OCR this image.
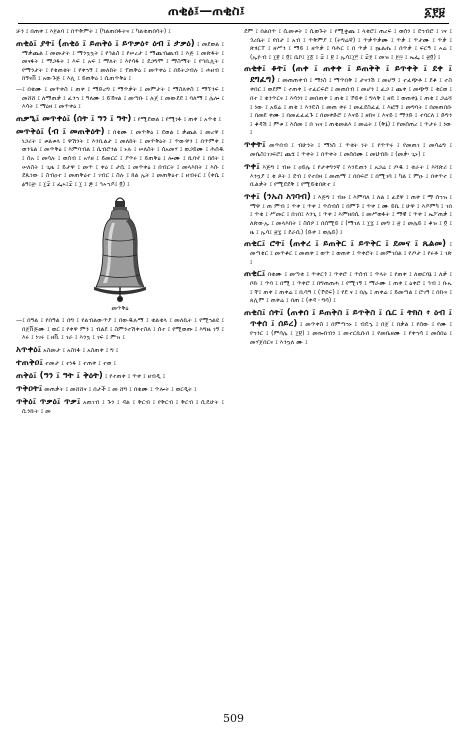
ጠቂፅ፤—ጠቂስ፤	፩፻፱
ቻን ፤ በጠቀ ፤ እ፻ልባ ፤ በጥቅምት ፤ (ካልጠበፋትና ፤ ካልቂጠበሳት) ፤
ጠቂዕ፤ ያት፤ (ጠቂዕ ፤ ይጠቅዕ ፤ ይጥቃዕ፥ ዕብ ፤ ታቃዕ) ፤ መደወል ፤ ማቃጨል ፤ መመታት ፤ ማንኳኳት ፤ የኅልስ ፤ የሠረታ ፤ ማጨብጨብ ፤ እጅ ፤ መጽፋት ፤ መናፋት ፤ ማጋፋት ፤ እፍ ፤ አፍ ፤ ማለት ፤ እየሳፋ ፤ ደጋግሞ ፤ ማስማት ፤ የኅቢሊት ፤ የማንታት ፤ የቂጠቂት ፤ የቀኀኝ ፤ መለከት ፤ ፕጠቅዕ ፤ መጥቀዕ ፤ በይትጋብሉ ፤ ሐዘብ ፤ ክኝናቨ ፤ አውጉጅ ፤ እሊ ፤ ይጠቅዕ ፤ ሲጠጥቅዕ ፤
—፤ በቁሙ ፤ መጥቀስ ፤ ጠቀ ፤ ማድረግ ፤ ማጥቃት ፤ መምታት ፤ ማስለቀስ ፤ ማኘንፍ ፤ መሸሸ ፤ ለማጠቃ ፤ ፈንኀ ፤ ዓለሙ ፤ ይኸናል ፤ መጣቡ ፤ ሉጀ ፤ መውደደ ፤ ባለማ ፤ ሌሎ ፤ እሳት ፤ ማዕዛ ፤ መጥቀዕ ፤
ጠቃዒ፤ መጥቀዕ፤ (ሰት ፤ ዓን ፤ ዓት) ፤ የሚደወል ፤ የሚነፋ ፤ ጠቀ ፤ አጥቂ ፤
መጥቅዕ፤ (ብ ፤ መጠቅዕት) ፤ በቁሙ ፤ መጥቅዕ ፤ ደወል ፤ ቃጨል ፤ መረዋ ፤ ነጋሪት ፤ ቱልቱላ ፤ ዋሽንት ፤ እንቢልታ ፤ መለከት ፤ መጥቅዕት ፤ ጥውዋን ፤ በጥምቀ ፤ ወንጌል ፤ መጥቅዕ ፤ እምባብል ፤ ሴብሮንል ፤ ኑሉ ፤ ሠለስት ፤ ሰአመሃ ፤ ወጋይሙ ፤ ሕሰዱ ፤ ሰአ ፤ መሳሉ ፤ ወሰብ ፤ አሃዘ ፤ ይመርር ፤ ያጥሩ ፤ ይጠቅዕ ፤ ሎሙ ፤ ኪባኖ ፤ በሰት ፤ ሠለስት ፤ ጊዜ ፤ ይታዋ ፤ መጥ ፤ ቀዕ ፤ ታሲ ፤ መጥቀዕ ፤ በብርት ፤ መላእክት ፤ እሱ ፤ ደጺነው ፤ ስብዐተ ፤ መጠቅዕተ ፤ ገብር ፤ ስሉ ፤ ክል ኢት ፤ መጠቅዕተ ፤ ዘብሩር ፤ (ቀሴ ፤ ፅዓ፤፳፡ ፤ ፲፰ ፤ ፌኣ፤፰ ፤ ፲ ፤ ፷ ፤ ኅኣኀዶ፤ ፬) ፤
መጥቅዕ
—፤ በዓል ፤ የበዓል ፤ በግ ፤ የልብልውጥያ ፤ በውዱሉማ ፤ ቁልቁላ ፤ መለኪት ፤ የሚኀልዩ ፤ በጀቨጅሙ ፤ ወር ፤ የቀዋ ምን ፤ ብልደ ፤ ስምንተሽቀተስለ ፤ ሰተ ፤ የሚወጡ ፤ እግዜ ገኝ ፤ እሩ ፤ ነገሩ ፤ ዘቪ ፤ ገራ ፤ እንኳ ፤ ገፍ ፤ ምዝ ፤
አጥቀዕ፤ አስመታ ፤ አስነፋ ፤ አስጠቀ ፤ ግ ፤
ተጠቅዐ፤ ተመታ ፤ ተነፋ ፤ ተጠቀ ፤ ተወ ፤
ጠቅዕ፤ (ዓን ፤ ዓት ፤ ቅዕት) ፤ የተጠቀ ፤ ጥቀ ፤ ዘብዲ ፤
ጥቅዐት፤ መጠቃት ፤ መሸሸና ፤ በታች ፤ መ ሸግ ፤ በቁሙ ፤ ጥሎት ፤ ወርዲት ፤
ጥቅዕ፤ ጥቃዕ፤ ጥቃ፤ አጠገብ ፤ ጉን ፤ ዳል ፤ ቅርብ ፤ የቅርብ ፤ ቅርብ ፤ ሲዴሁት ፤ ሲንኩት ፤ መ
ደም ፤ በልበጥ ፤ ሲመቱት ፤ ሲወጉት ፤ የሚቋጨ ፤ ላቂሮ፤ ጠረፍ ፤ ወሰን ፤ ደኀብሮ ፤ ገና ፤ ጎረቤት ፤ የበታ ፤ አብ ፤ ጥቅምያ ፤ (ትግሬኛ) ፤ ጥቃጥቃሙ ፤ ጥቃ ፤ ጥታሙ ፤ ጥቃ ፤ ጽፃርፐ ፤ ዘሥን ፤ ማይ ፤ ዘጥቃ ፤ ባሕር ፤ በ ጥቃ ፤ ኲልሔ ፤ በጥቃ ፤ ፍርዓ ፤ ኣሬ ፤ (ኢዮብ ፤ ፲፱ ፤ ፬፤ ሴኮ፤ ፲፩ ፤ ፰ ፤ ፱ ፤ ኢሳ፤፲፫ ፤ ፰፻ ፤ መዝ ፤ ፻፵ ፤ ኤፌ ፤ ፳፬) ፤
ጠቂቀ፤ ቆት፤ (ጠቀ ፤ ጠቀቀ ፤ ይጠቅቅ ፤ ይጥቀቅ ፤ ደቀ ፤ ደግፈግ) ፤ መጠጠቀብ ፤ ማነስ ፤ ማጥበቅ ፤ ታናንሽ ፤ መሆኝ ፤ ተፈጭቶ ፤ ደቆ ፤ ተስ ቀበር ፤ ወደም ፤ ተጠቀ ፤ ተፈርፍሮ ፤ መጠበብ ፤ መሆን ፤ ፈጋ ፤ ጨቀ ፤ መጭኝ ፤ ቂርወ ፤ በተ ፤ ቁንጥርና ፤ እሳንነ ፤ መበጠቀ ፤ ጠቂ ፤ ኾይቀ ፤ ግላቅ ፤ ዘዴ ፤ ወጠቀኔ ፤ ጠቂ ፤ ጋሬሻ ፤ ነው ፤ አይሬ ፤ ጠቂ ፤ እንዴስ ፤ መጠ ቀሩ ፤ መፈደስፈፈ ፤ እፎኝ ፤ መግባት ፤ በመጠበቡ ፤ በመደ ቀሙ ፤ በመፈፈፈጉ ፤ በመቀድሮ ፤ እናይ ፤ ዘክና ፤ እናይ ፤ ማንድ ፤ ተባርለ ፤ ድግን ፤ ቆዳሽ ፤ ምቱ ፤ እሰመ ፤ በ ዝና ፤ ጠቁመልእ ፤ መሬት ፤ (ቅኔ) ፤ የመሰጠረ ፤ ጥታሩ ፤ ነው ፤
ጥቀት፤ መጥበብ ፤ ብሁንት ፤ ማነስ ፤ ጥቂት ነት ፤ የጥጥሩ ፤ የመጠገ ፤ መሳሬግ ፤ መቤስ፤ገገፍሮ፤ ጨሄ ፤ ጥቀት ፤ በጥቀት ፤ መሰበሙ ፤ መህብኩ ፤ (መቃ፡ ጊኑ) ፤
ጥቀ፤ እጅግ ፤ ብዙ ፤ ዐይሌ ፤ የታቀግንኛ ፤ እንዴጠን ፤ አጋሬ ፤ ጦዱ ፤ ቂራት ፤ እሻጽሪ ፤ እንኳያ ፤ ቂ ጾት ፤ ደብ ፤ የተበዛ ፤ መጠማ ፤ በበፍሮ ፤ በሚገባ ፤ ካል ፤ ምዑ ፤ በቀጥተ ፤ ቢልቃት ፤ የሚደደቅ ፤ የሚይቁበጽተ ፤
ጥቀ፤ (ንኡስ አገባብ) ፤ እጅግ ፤ ብዙ ፤ እምባለ ፤ ለል ፤ ፈደዋ ፤ ጠቀ ፤ ማ ሰኀዝ ፤ ማዋ ፤ ጠ ምብ ፤ ጥቀ ፤ ጥቀ ፤ ጥሰብሰ ፤ በምኙ ፤ ጥቀ ፤ ሙ ይኪ ፤ ሁዋ ፤ እዶምካ ፤ ገበ ፤ ጥቁ ፤ ሥመር ፤ በገበ፤ እንጊ ፤ ጥቀ ፤ እምዘበሲ ፤ መሥወፋት ፤ ማዊ ፤ ጥቀ ፤ ኤፖጠቃ ፤ ለጽውኢ ፤ መላእክት ፤ ስሰዖ ፤ በሰሚይ ፤ (ማገለ ፤ ፲፯ ፤ መግ ፤ ፳ ፤ መሌይ ፤ ቆዝ ፤ ፬ ፤ ዜ ፤ ኢሳ፤ ፳፯ ፤ ደራሲ) (ድቀ ፤ ወሌይ) ፤
ጠቂር፤ ሮት፤ (ጠቀረ ፤ ይጠቅር ፤ ይጥቅር ፤ ደመና ፤ ጼልመ) ፤ መጣቂር ፤ መጥቆር ፤ መጠቀ ፤ ወጥ ፤ ወጠቀ ፤ ጥቀሮት ፤ መምገበል ፤ የጦታ ፤ የሩቶ ፤ ገጽ ፤
ጠቂር፤ በቁሙ ፤ መጣቂ ፤ ጥቀርጎ ፤ ጥቀሮ ፤ ጥሰብ ፤ ጥላት ፤ የጠቀ ፤ ለወርባኔ ፤ ለቃ ፤ ቦኩ ፤ ጥባ ፤ በሚ ፤ ጥቀሮ ፤ በግጠጠሐ ፤ የሚገኝ ፤ ማራሙ ፤ ጠቀ ፤ ዕቀሮ ፤ ኅብ ፤ ቡኡ ፤ ቸ፤ ጠቀ ፤ ጠቀሬ ፤ ቢሳዓ ፤ (ኾደፍ) ፤ የደ ና ፤ በሌ ፤ ጠቀሬ ፤ ይመጣል ፤ ሮገዓ ፤ በኩና ፤ ጰሊም ፤ ጠቀሬ ፤ በጠ ፤ (ቀዳ ፡ ግሳ) ፤
ጠቂስ፤ ሰት፤ (ጠቀሰ ፤ ይጠቅስ ፤ ይጥቅስ ፤ ሴር ፤ ትክስ ፥ ዕብ ፤ ጥቀሰ ፤ ሰይረ) ፤ መጥቀስ ፤ በምጣኀኑ ፤ ብዴኁ ፤ በጀ ፤ በቃል ፤ የሰው ፤ የሙ ፤ የኀንር ፤ (ምሳሌ ፤ ፲፱) ፤ መኰክብን ፤ መተርኪቡበ ፤ የመቤዘሙ ፤ የቀኀሳ ፤ መሰበዕ ፤ መሃጀበርና ፤ እንኳለ ሙ ፤
509
